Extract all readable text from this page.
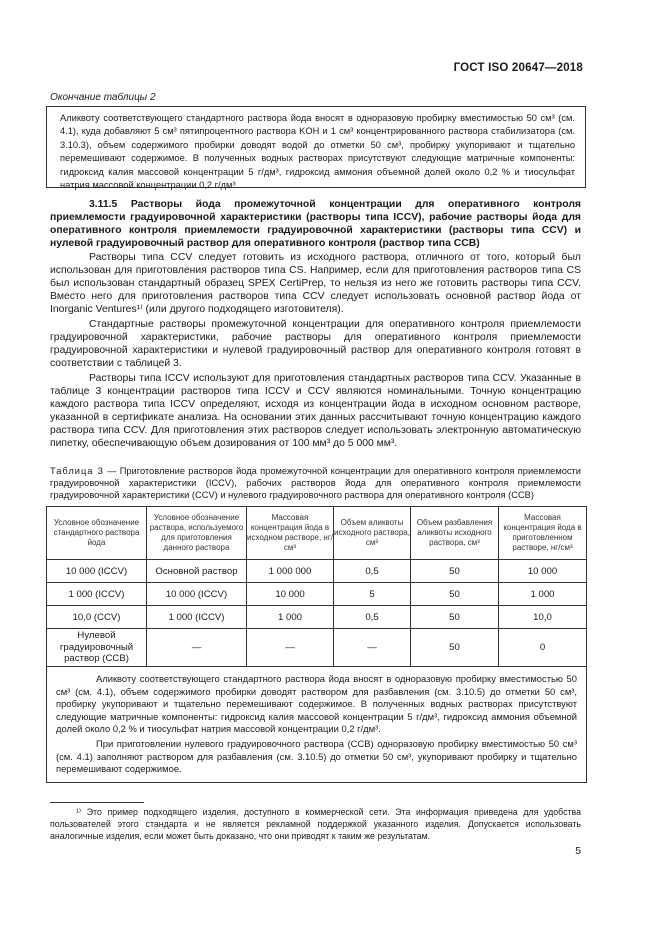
ГОСТ ISO 20647—2018
Окончание таблицы 2
Аликвоту соответствующего стандартного раствора йода вносят в одноразовую пробирку вместимостью 50 см³ (см. 4.1), куда добавляют 5 см³ пятипроцентного раствора KOH и 1 см³ концентрированного раствора стабилизатора (см. 3.10.3), объем содержимого пробирки доводят водой до отметки 50 см³, пробирку укупоривают и тщательно перемешивают содержимое. В полученных водных растворах присутствуют следующие матричные компоненты: гидроксид калия массовой концентрации 5 г/дм³, гидроксид аммония объемной долей около 0,2 % и тиосульфат натрия массовой концентрации 0,2 г/дм³.
3.11.5 Растворы йода промежуточной концентрации для оперативного контроля приемлемости градуировочной характеристики (растворы типа ICCV), рабочие растворы йода для оперативного контроля приемлемости градуировочной характеристики (растворы типа CCV) и нулевой градуировочный раствор для оперативного контроля (раствор типа CCB)
Растворы типа CCV следует готовить из исходного раствора, отличного от того, который был использован для приготовления растворов типа CS. Например, если для приготовления растворов типа CS был использован стандартный образец SPEX CertiPrep, то нельзя из него же готовить растворы типа CCV. Вместо него для приготовления растворов типа CCV следует использовать основной раствор йода от Inorganic Ventures¹⁾ (или другого подходящего изготовителя).
Стандартные растворы промежуточной концентрации для оперативного контроля приемлемости градуировочной характеристики, рабочие растворы для оперативного контроля приемлемости градуировочной характеристики и нулевой градуировочный раствор для оперативного контроля готовят в соответствии с таблицей 3.
Растворы типа ICCV используют для приготовления стандартных растворов типа CCV. Указанные в таблице 3 концентрации растворов типа ICCV и CCV являются номинальными. Точную концентрацию каждого раствора типа ICCV определяют, исходя из концентрации йода в исходном основном растворе, указанной в сертификате анализа. На основании этих данных рассчитывают точную концентрацию каждого раствора типа CCV. Для приготовления этих растворов следует использовать электронную автоматическую пипетку, обеспечивающую объем дозирования от 100 мм³ до 5 000 мм³.
Таблица 3 — Приготовление растворов йода промежуточной концентрации для оперативного контроля приемлемости градуировочной характеристики (ICCV), рабочих растворов йода для оперативного контроля приемлемости градуировочной характеристики (CCV) и нулевого градуировочного раствора для оперативного контроля (CCB)
Условное обозначение стандартного раствора йода	Условное обозначение раствора, используемого для приготовления данного раствора	Массовая концентрация йода в исходном растворе, нг/см³	Объем аликвоты исходного раствора, см³	Объем разбавления аликвоты исходного раствора, см³	Массовая концентрация йода в приготовленном растворе, нг/см³
10 000 (ICCV)	Основной раствор	1 000 000	0,5	50	10 000
1 000 (ICCV)	10 000 (ICCV)	10 000	5	50	1 000
10,0 (CCV)	1 000 (ICCV)	1 000	0,5	50	10,0
Нулевой градуировочный раствор (CCB)	—	—	—	50	0

Аликвоту соответствующего стандартного раствора йода вносят в одноразовую пробирку вместимостью 50 см³ (см. 4.1), объем содержимого пробирки доводят раствором для разбавления (см. 3.10.5) до отметки 50 см³, пробирку укупоривают и тщательно перемешивают содержимое. В полученных водных растворах присутствуют следующие матричные компоненты: гидроксид калия массовой концентрации 5 г/дм³, гидроксид аммония объемной долей около 0,2 % и тиосульфат натрия массовой концентрации 0,2 г/дм³.

При приготовлении нулевого градуировочного раствора (CCB) одноразовую пробирку вместимостью 50 см³ (см. 4.1) заполняют раствором для разбавления (см. 3.10.5) до отметки 50 см³, укупоривают пробирку и тщательно перемешивают содержимое.					

¹⁾ Это пример подходящего изделия, доступного в коммерческой сети. Эта информация приведена для удобства пользователей этого стандарта и не является рекламной поддержкой указанного изделия. Допускается использовать аналогичные изделия, если может быть доказано, что они приводят к таким же результатам.
5
